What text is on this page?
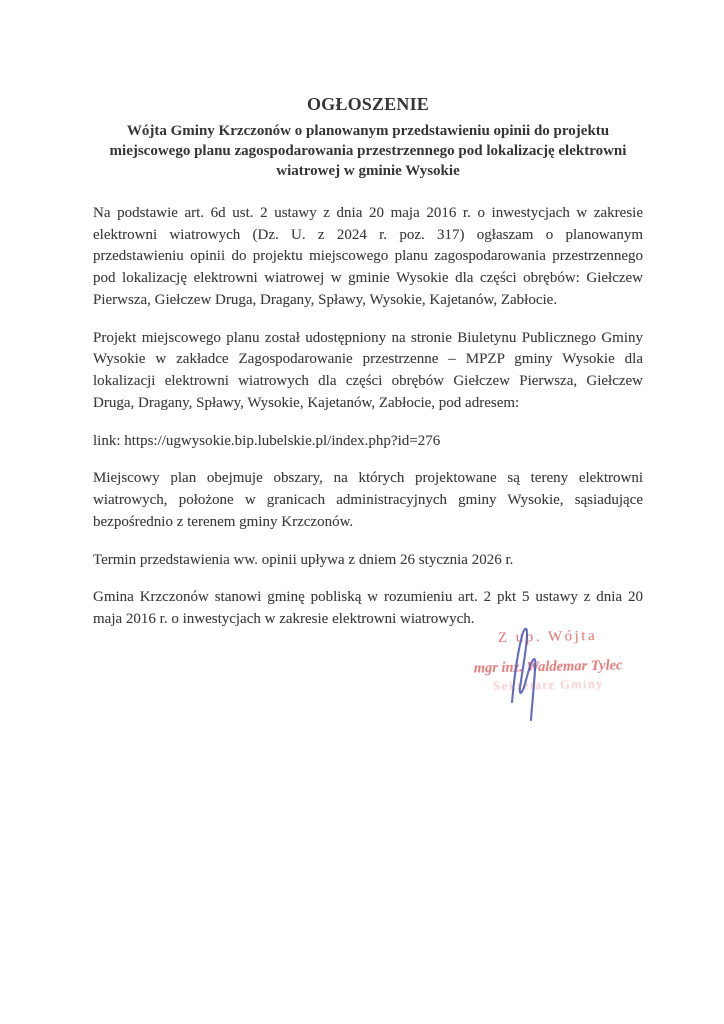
OGŁOSZENIE
Wójta Gminy Krzczonów o planowanym przedstawieniu opinii do projektu miejscowego planu zagospodarowania przestrzennego pod lokalizację elektrowni wiatrowej w gminie Wysokie

Na podstawie art. 6d ust. 2 ustawy z dnia 20 maja 2016 r. o inwestycjach w zakresie elektrowni wiatrowych (Dz. U. z 2024 r. poz. 317) ogłaszam o planowanym przedstawieniu opinii do projektu miejscowego planu zagospodarowania przestrzennego pod lokalizację elektrowni wiatrowej w gminie Wysokie dla części obrębów: Giełczew Pierwsza, Giełczew Druga, Dragany, Spławy, Wysokie, Kajetanów, Zabłocie.

Projekt miejscowego planu został udostępniony na stronie Biuletynu Publicznego Gminy Wysokie w zakładce Zagospodarowanie przestrzenne – MPZP gminy Wysokie dla lokalizacji elektrowni wiatrowych dla części obrębów Giełczew Pierwsza, Giełczew Druga, Dragany, Spławy, Wysokie, Kajetanów, Zabłocie, pod adresem:

link: https://ugwysokie.bip.lubelskie.pl/index.php?id=276

Miejscowy plan obejmuje obszary, na których projektowane są tereny elektrowni wiatrowych, położone w granicach administracyjnych gminy Wysokie, sąsiadujące bezpośrednio z terenem gminy Krzczonów.

Termin przedstawienia ww. opinii upływa z dniem 26 stycznia 2026 r.

Gmina Krzczonów stanowi gminę pobliską w rozumieniu art. 2 pkt 5 ustawy z dnia 20 maja 2016 r. o inwestycjach w zakresie elektrowni wiatrowych.

Z up. Wójta
mgr inż. Waldemar Tylec
Sekretarz Gminy
